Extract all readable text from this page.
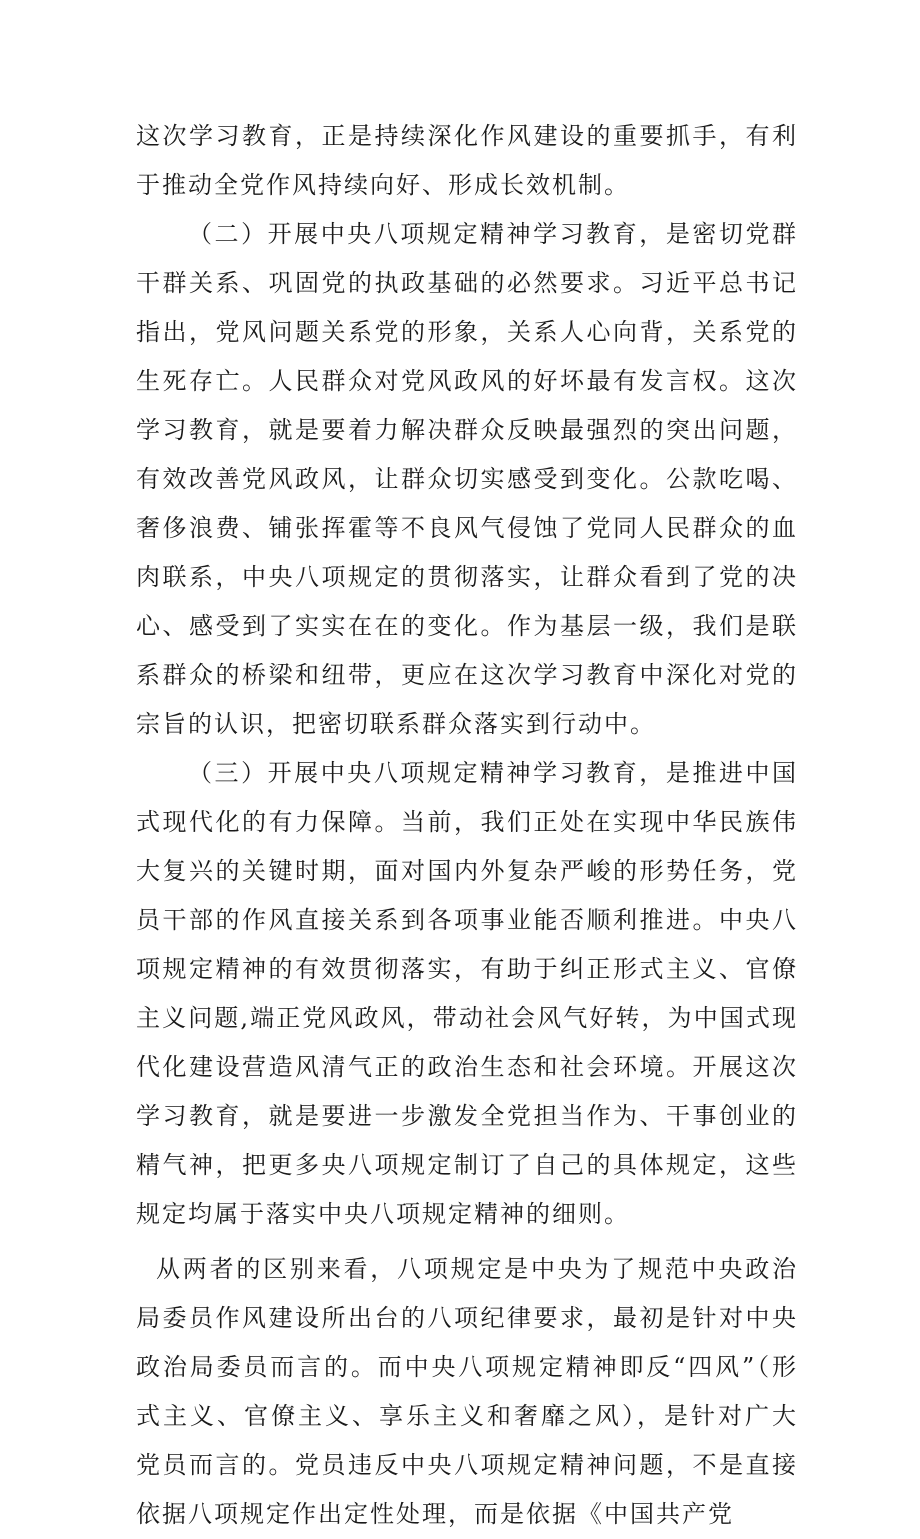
这次学习教育，正是持续深化作风建设的重要抓手，有利于推动全党作风持续向好、形成长效机制。

（二）开展中央八项规定精神学习教育，是密切党群干群关系、巩固党的执政基础的必然要求。习近平总书记指出，党风问题关系党的形象，关系人心向背，关系党的生死存亡。人民群众对党风政风的好坏最有发言权。这次学习教育，就是要着力解决群众反映最强烈的突出问题，有效改善党风政风，让群众切实感受到变化。公款吃喝、奢侈浪费、铺张挥霍等不良风气侵蚀了党同人民群众的血肉联系，中央八项规定的贯彻落实，让群众看到了党的决心、感受到了实实在在的变化。作为基层一级，我们是联系群众的桥梁和纽带，更应在这次学习教育中深化对党的宗旨的认识，把密切联系群众落实到行动中。

（三）开展中央八项规定精神学习教育，是推进中国式现代化的有力保障。当前，我们正处在实现中华民族伟大复兴的关键时期，面对国内外复杂严峻的形势任务，党员干部的作风直接关系到各项事业能否顺利推进。中央八项规定精神的有效贯彻落实，有助于纠正形式主义、官僚主义问题,端正党风政风，带动社会风气好转，为中国式现代化建设营造风清气正的政治生态和社会环境。开展这次学习教育，就是要进一步激发全党担当作为、干事创业的精气神，把更多央八项规定制订了自己的具体规定，这些规定均属于落实中央八项规定精神的细则。

从两者的区别来看，八项规定是中央为了规范中央政治局委员作风建设所出台的八项纪律要求，最初是针对中央政治局委员而言的。而中央八项规定精神即反“四风”（形式主义、官僚主义、享乐主义和奢靡之风），是针对广大党员而言的。党员违反中央八项规定精神问题，不是直接依据八项规定作出定性处理，而是依据《中国共产党
